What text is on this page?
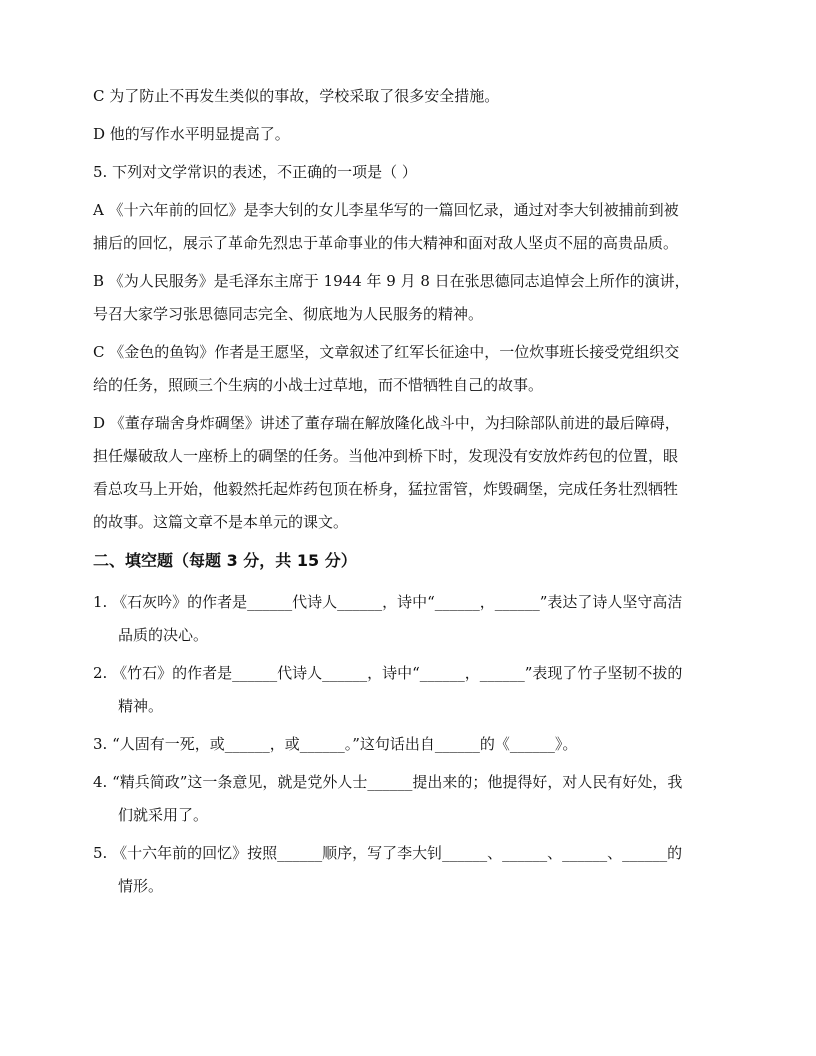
C 为了防止不再发生类似的事故，学校采取了很多安全措施。
D 他的写作水平明显提高了。
5. 下列对文学常识的表述，不正确的一项是（ ）
A 《十六年前的回忆》是李大钊的女儿李星华写的一篇回忆录，通过对李大钊被捕前到被
捕后的回忆，展示了革命先烈忠于革命事业的伟大精神和面对敌人坚贞不屈的高贵品质。
B 《为人民服务》是毛泽东主席于 1944 年 9 月 8 日在张思德同志追悼会上所作的演讲，
号召大家学习张思德同志完全、彻底地为人民服务的精神。
C 《金色的鱼钩》作者是王愿坚，文章叙述了红军长征途中，一位炊事班长接受党组织交
给的任务，照顾三个生病的小战士过草地，而不惜牺牲自己的故事。
D 《董存瑞舍身炸碉堡》讲述了董存瑞在解放隆化战斗中，为扫除部队前进的最后障碍，
担任爆破敌人一座桥上的碉堡的任务。当他冲到桥下时，发现没有安放炸药包的位置，眼
看总攻马上开始，他毅然托起炸药包顶在桥身，猛拉雷管，炸毁碉堡，完成任务壮烈牺牲
的故事。这篇文章不是本单元的课文。
二、填空题（每题 3 分，共 15 分）
1. 《石灰吟》的作者是______代诗人______，诗中“______，______”表达了诗人坚守高洁
品质的决心。
2. 《竹石》的作者是______代诗人______，诗中“______，______”表现了竹子坚韧不拔的
精神。
3. “人固有一死，或______，或______。”这句话出自______的《______》。
4. “精兵简政”这一条意见，就是党外人士______提出来的；他提得好，对人民有好处，我
们就采用了。
5. 《十六年前的回忆》按照______顺序，写了李大钊______、______、______、______的
情形。
